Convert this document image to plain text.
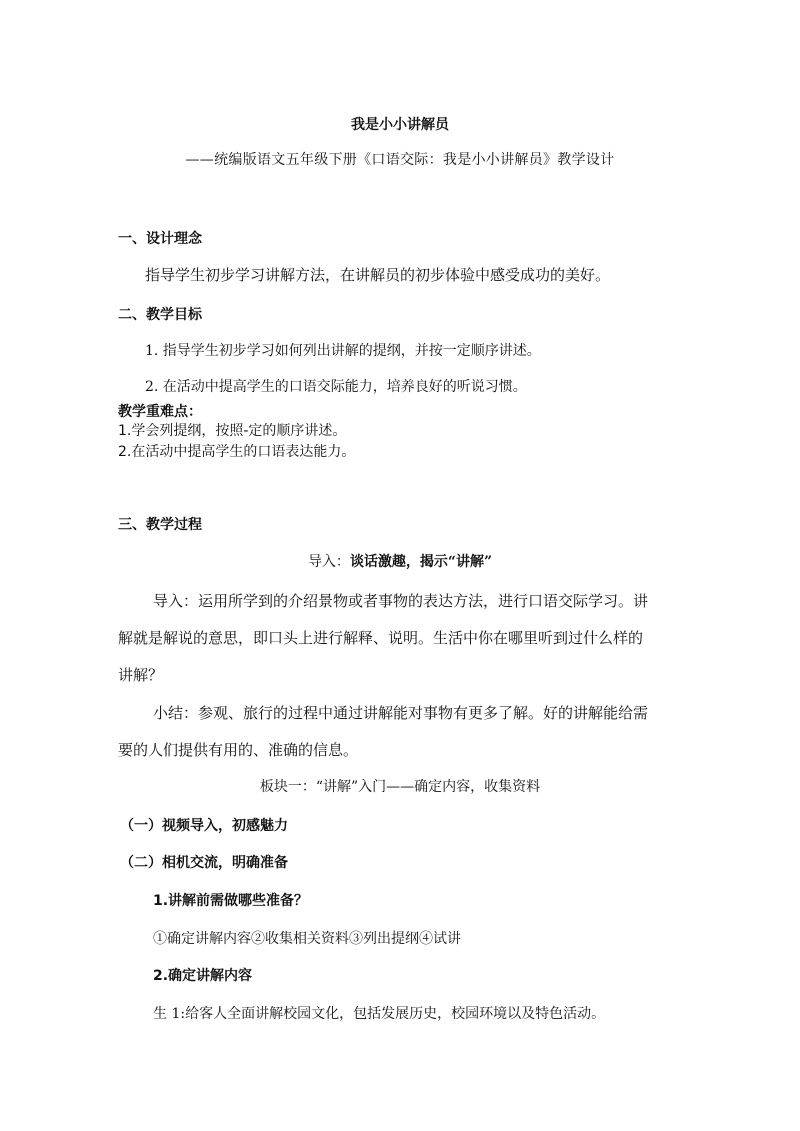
我是小小讲解员
——统编版语文五年级下册《口语交际：我是小小讲解员》教学设计
一、设计理念
指导学生初步学习讲解方法，在讲解员的初步体验中感受成功的美好。
二、教学目标
1. 指导学生初步学习如何列出讲解的提纲，并按一定顺序讲述。
2. 在活动中提高学生的口语交际能力，培养良好的听说习惯。
教学重难点：
1.学会列提纲，按照-定的顺序讲述。
2.在活动中提高学生的口语表达能力。
三、教学过程
导入：谈话激趣，揭示“讲解”
导入：运用所学到的介绍景物或者事物的表达方法，进行口语交际学习。讲
解就是解说的意思，即口头上进行解释、说明。生活中你在哪里听到过什么样的
讲解？
小结：参观、旅行的过程中通过讲解能对事物有更多了解。好的讲解能给需
要的人们提供有用的、准确的信息。
板块一：“讲解”入门——确定内容，收集资料
（一）视频导入，初感魅力
（二）相机交流，明确准备
1.讲解前需做哪些准备？
①确定讲解内容②收集相关资料③列出提纲④试讲
2.确定讲解内容
生 1:给客人全面讲解校园文化，包括发展历史，校园环境以及特色活动。
